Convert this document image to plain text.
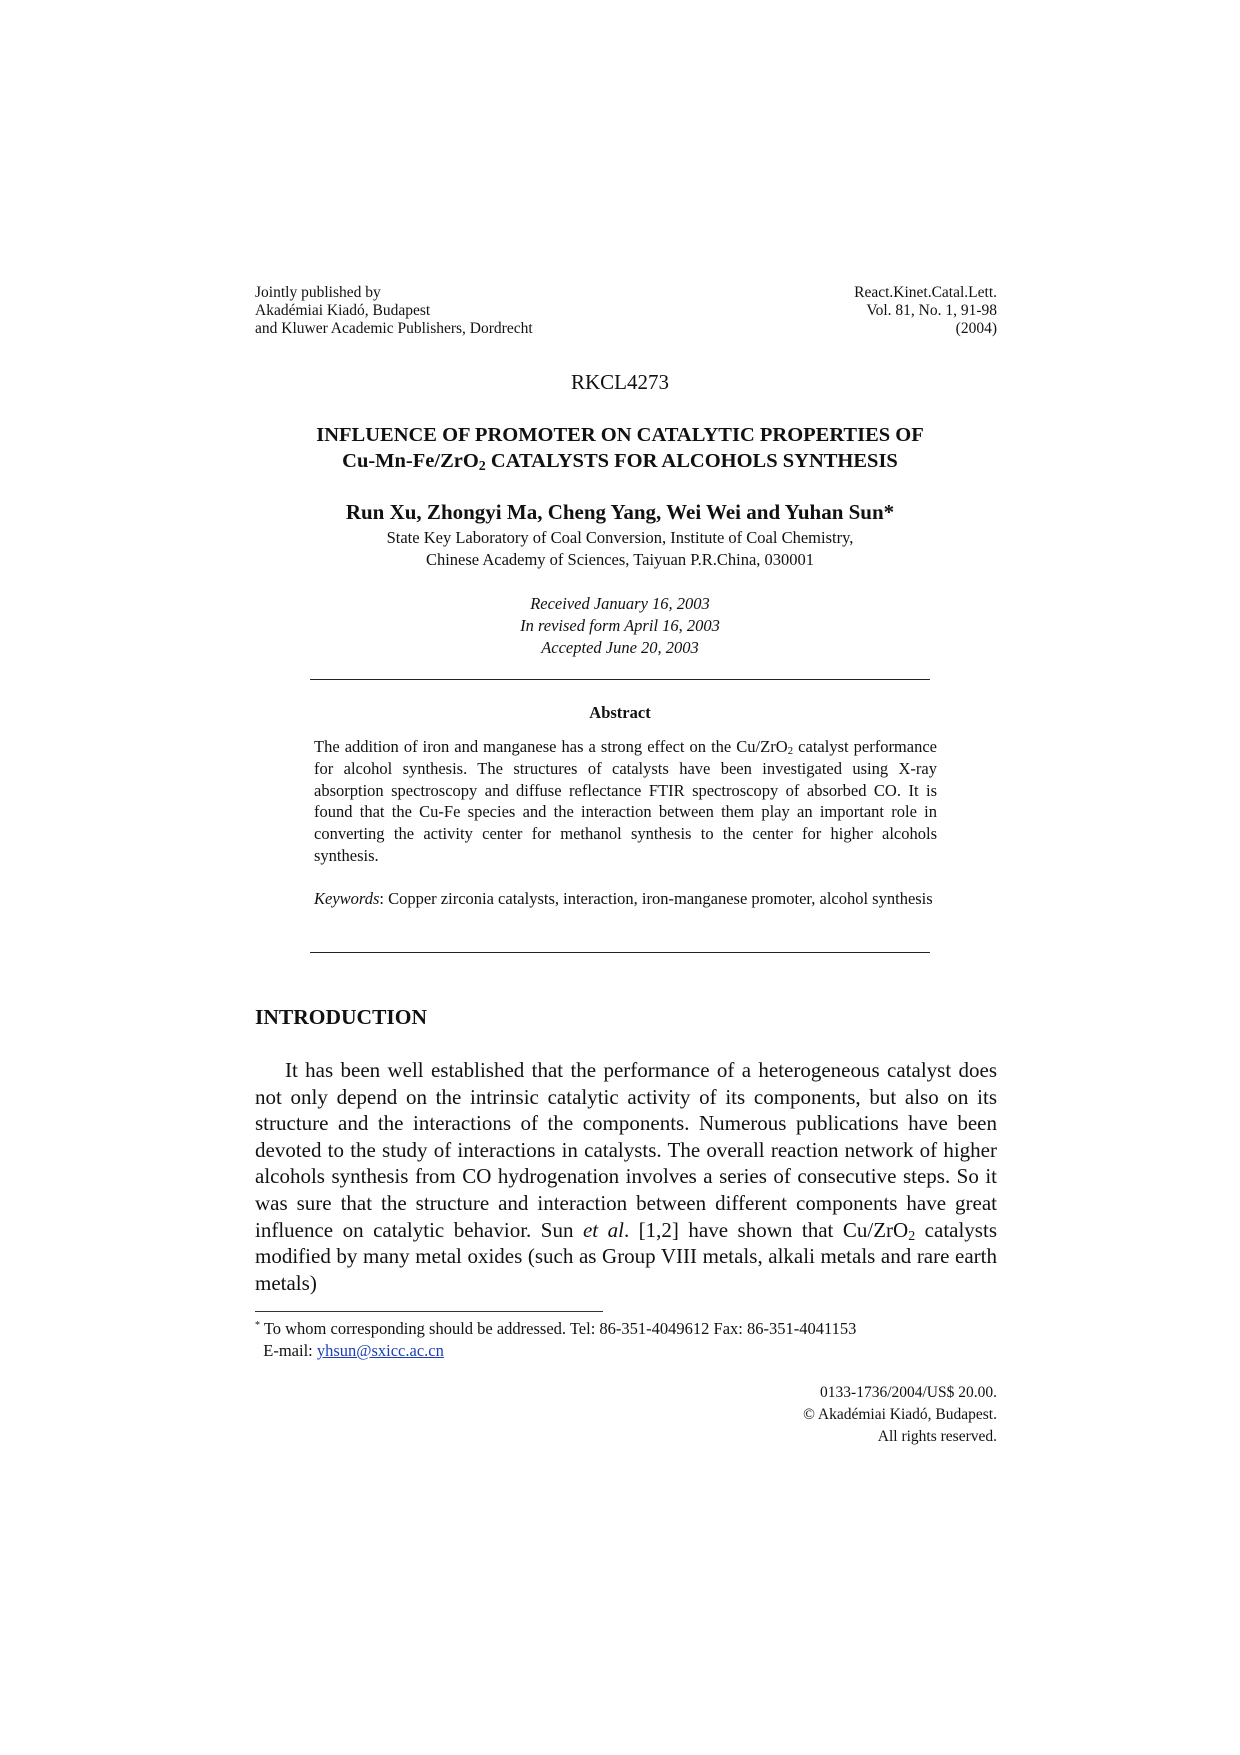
Jointly published by
Akadémiai Kiadó, Budapest
and Kluwer Academic Publishers, Dordrecht
React.Kinet.Catal.Lett.
Vol. 81, No. 1, 91-98
(2004)
RKCL4273
INFLUENCE OF PROMOTER ON CATALYTIC PROPERTIES OF
Cu-Mn-Fe/ZrO$_2$ CATALYSTS FOR ALCOHOLS SYNTHESIS
Run Xu, Zhongyi Ma, Cheng Yang, Wei Wei and Yuhan Sun*
State Key Laboratory of Coal Conversion, Institute of Coal Chemistry,
Chinese Academy of Sciences, Taiyuan P.R.China, 030001
Received January 16, 2003
In revised form April 16, 2003
Accepted June 20, 2003
Abstract
The addition of iron and manganese has a strong effect on the Cu/ZrO$_2$ catalyst performance for alcohol synthesis. The structures of catalysts have been investigated using X-ray absorption spectroscopy and diffuse reflectance FTIR spectroscopy of absorbed CO. It is found that the Cu-Fe species and the interaction between them play an important role in converting the activity center for methanol synthesis to the center for higher alcohols synthesis.
Keywords: Copper zirconia catalysts, interaction, iron-manganese promoter, alcohol synthesis
INTRODUCTION
It has been well established that the performance of a heterogeneous catalyst does not only depend on the intrinsic catalytic activity of its components, but also on its structure and the interactions of the components. Numerous publications have been devoted to the study of interactions in catalysts. The overall reaction network of higher alcohols synthesis from CO hydrogenation involves a series of consecutive steps. So it was sure that the structure and interaction between different components have great influence on catalytic behavior. Sun et al. [1,2] have shown that Cu/ZrO$_2$ catalysts modified by many metal oxides (such as Group VIII metals, alkali metals and rare earth metals)
* To whom corresponding should be addressed. Tel: 86-351-4049612 Fax: 86-351-4041153
E-mail: yhsun@sxicc.ac.cn
0133-1736/2004/US$ 20.00.
© Akadémiai Kiadó, Budapest.
All rights reserved.
